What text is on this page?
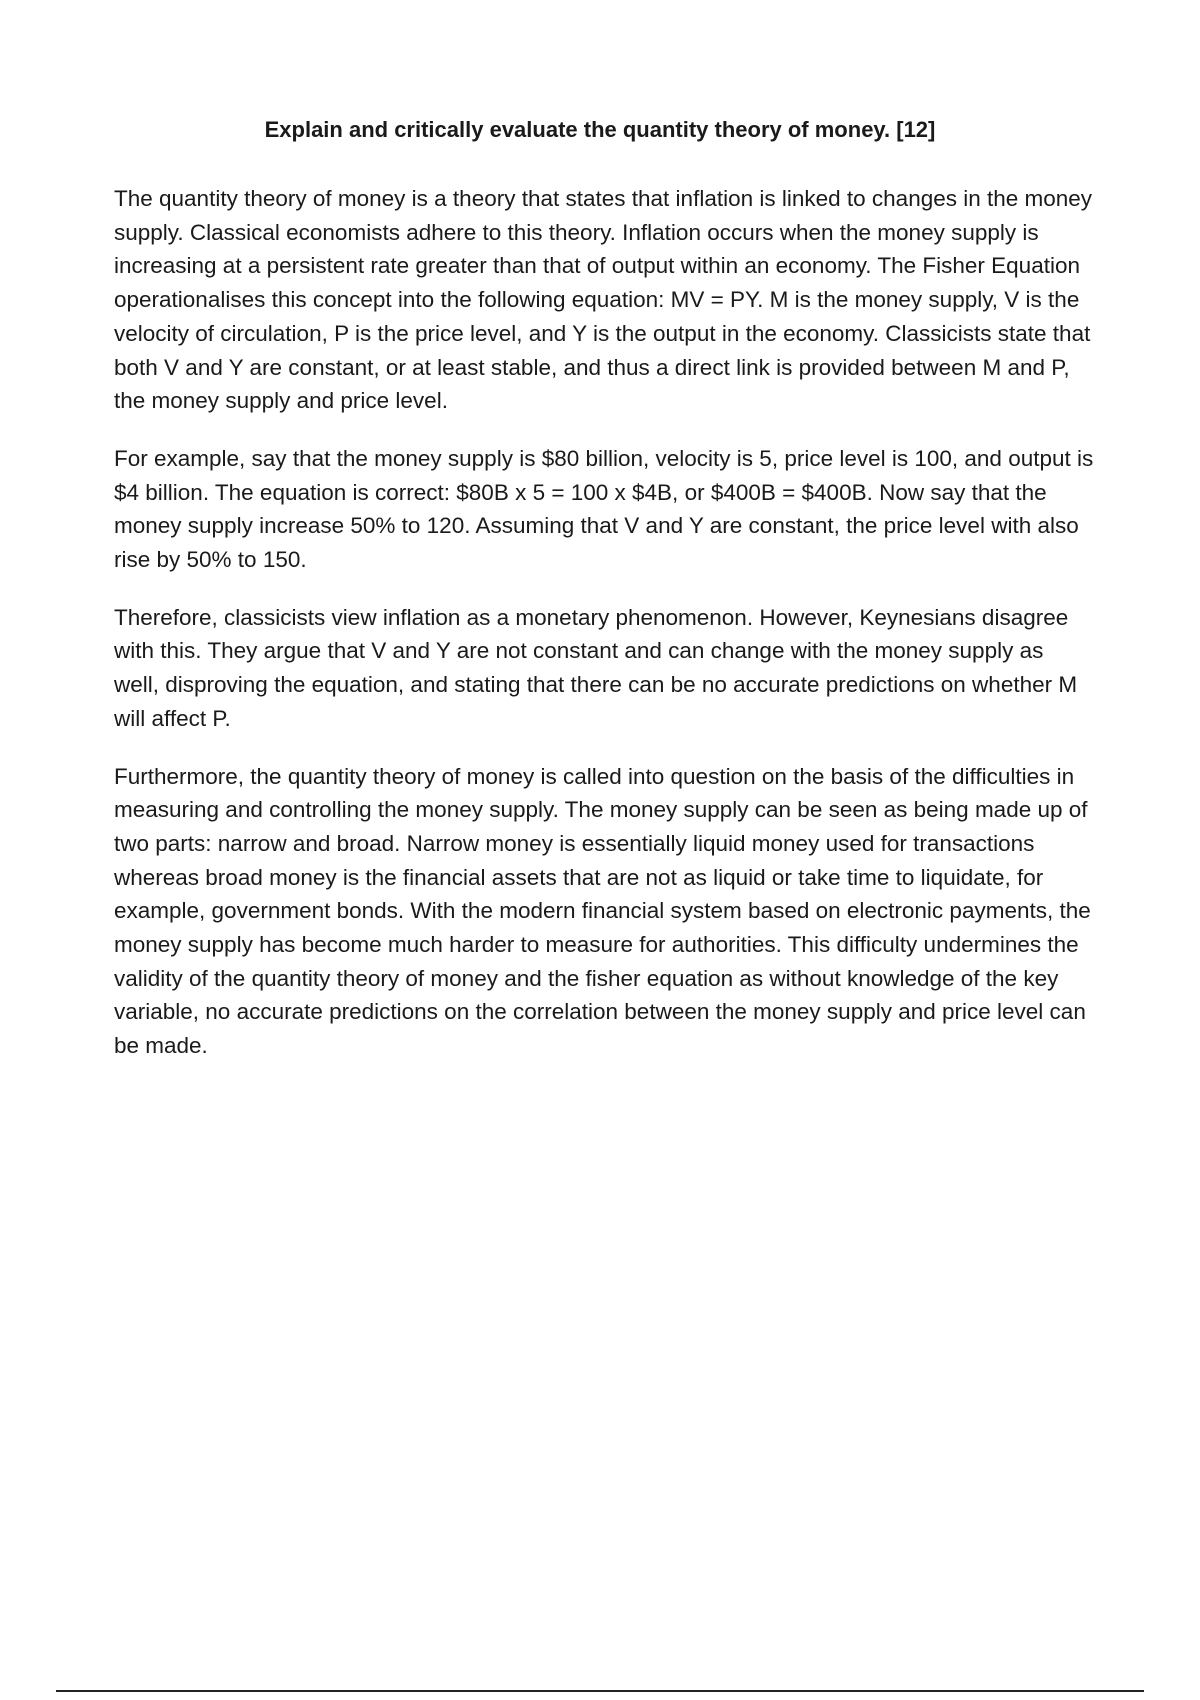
Explain and critically evaluate the quantity theory of money. [12]

The quantity theory of money is a theory that states that inflation is linked to changes in the money supply. Classical economists adhere to this theory. Inflation occurs when the money supply is increasing at a persistent rate greater than that of output within an economy. The Fisher Equation operationalises this concept into the following equation: MV = PY. M is the money supply, V is the velocity of circulation, P is the price level, and Y is the output in the economy. Classicists state that both V and Y are constant, or at least stable, and thus a direct link is provided between M and P, the money supply and price level.

For example, say that the money supply is $80 billion, velocity is 5, price level is 100, and output is $4 billion. The equation is correct: $80B x 5 = 100 x $4B, or $400B = $400B. Now say that the money supply increase 50% to 120. Assuming that V and Y are constant, the price level with also rise by 50% to 150.

Therefore, classicists view inflation as a monetary phenomenon. However, Keynesians disagree with this. They argue that V and Y are not constant and can change with the money supply as well, disproving the equation, and stating that there can be no accurate predictions on whether M will affect P.

Furthermore, the quantity theory of money is called into question on the basis of the difficulties in measuring and controlling the money supply. The money supply can be seen as being made up of two parts: narrow and broad. Narrow money is essentially liquid money used for transactions whereas broad money is the financial assets that are not as liquid or take time to liquidate, for example, government bonds. With the modern financial system based on electronic payments, the money supply has become much harder to measure for authorities. This difficulty undermines the validity of the quantity theory of money and the fisher equation as without knowledge of the key variable, no accurate predictions on the correlation between the money supply and price level can be made.
